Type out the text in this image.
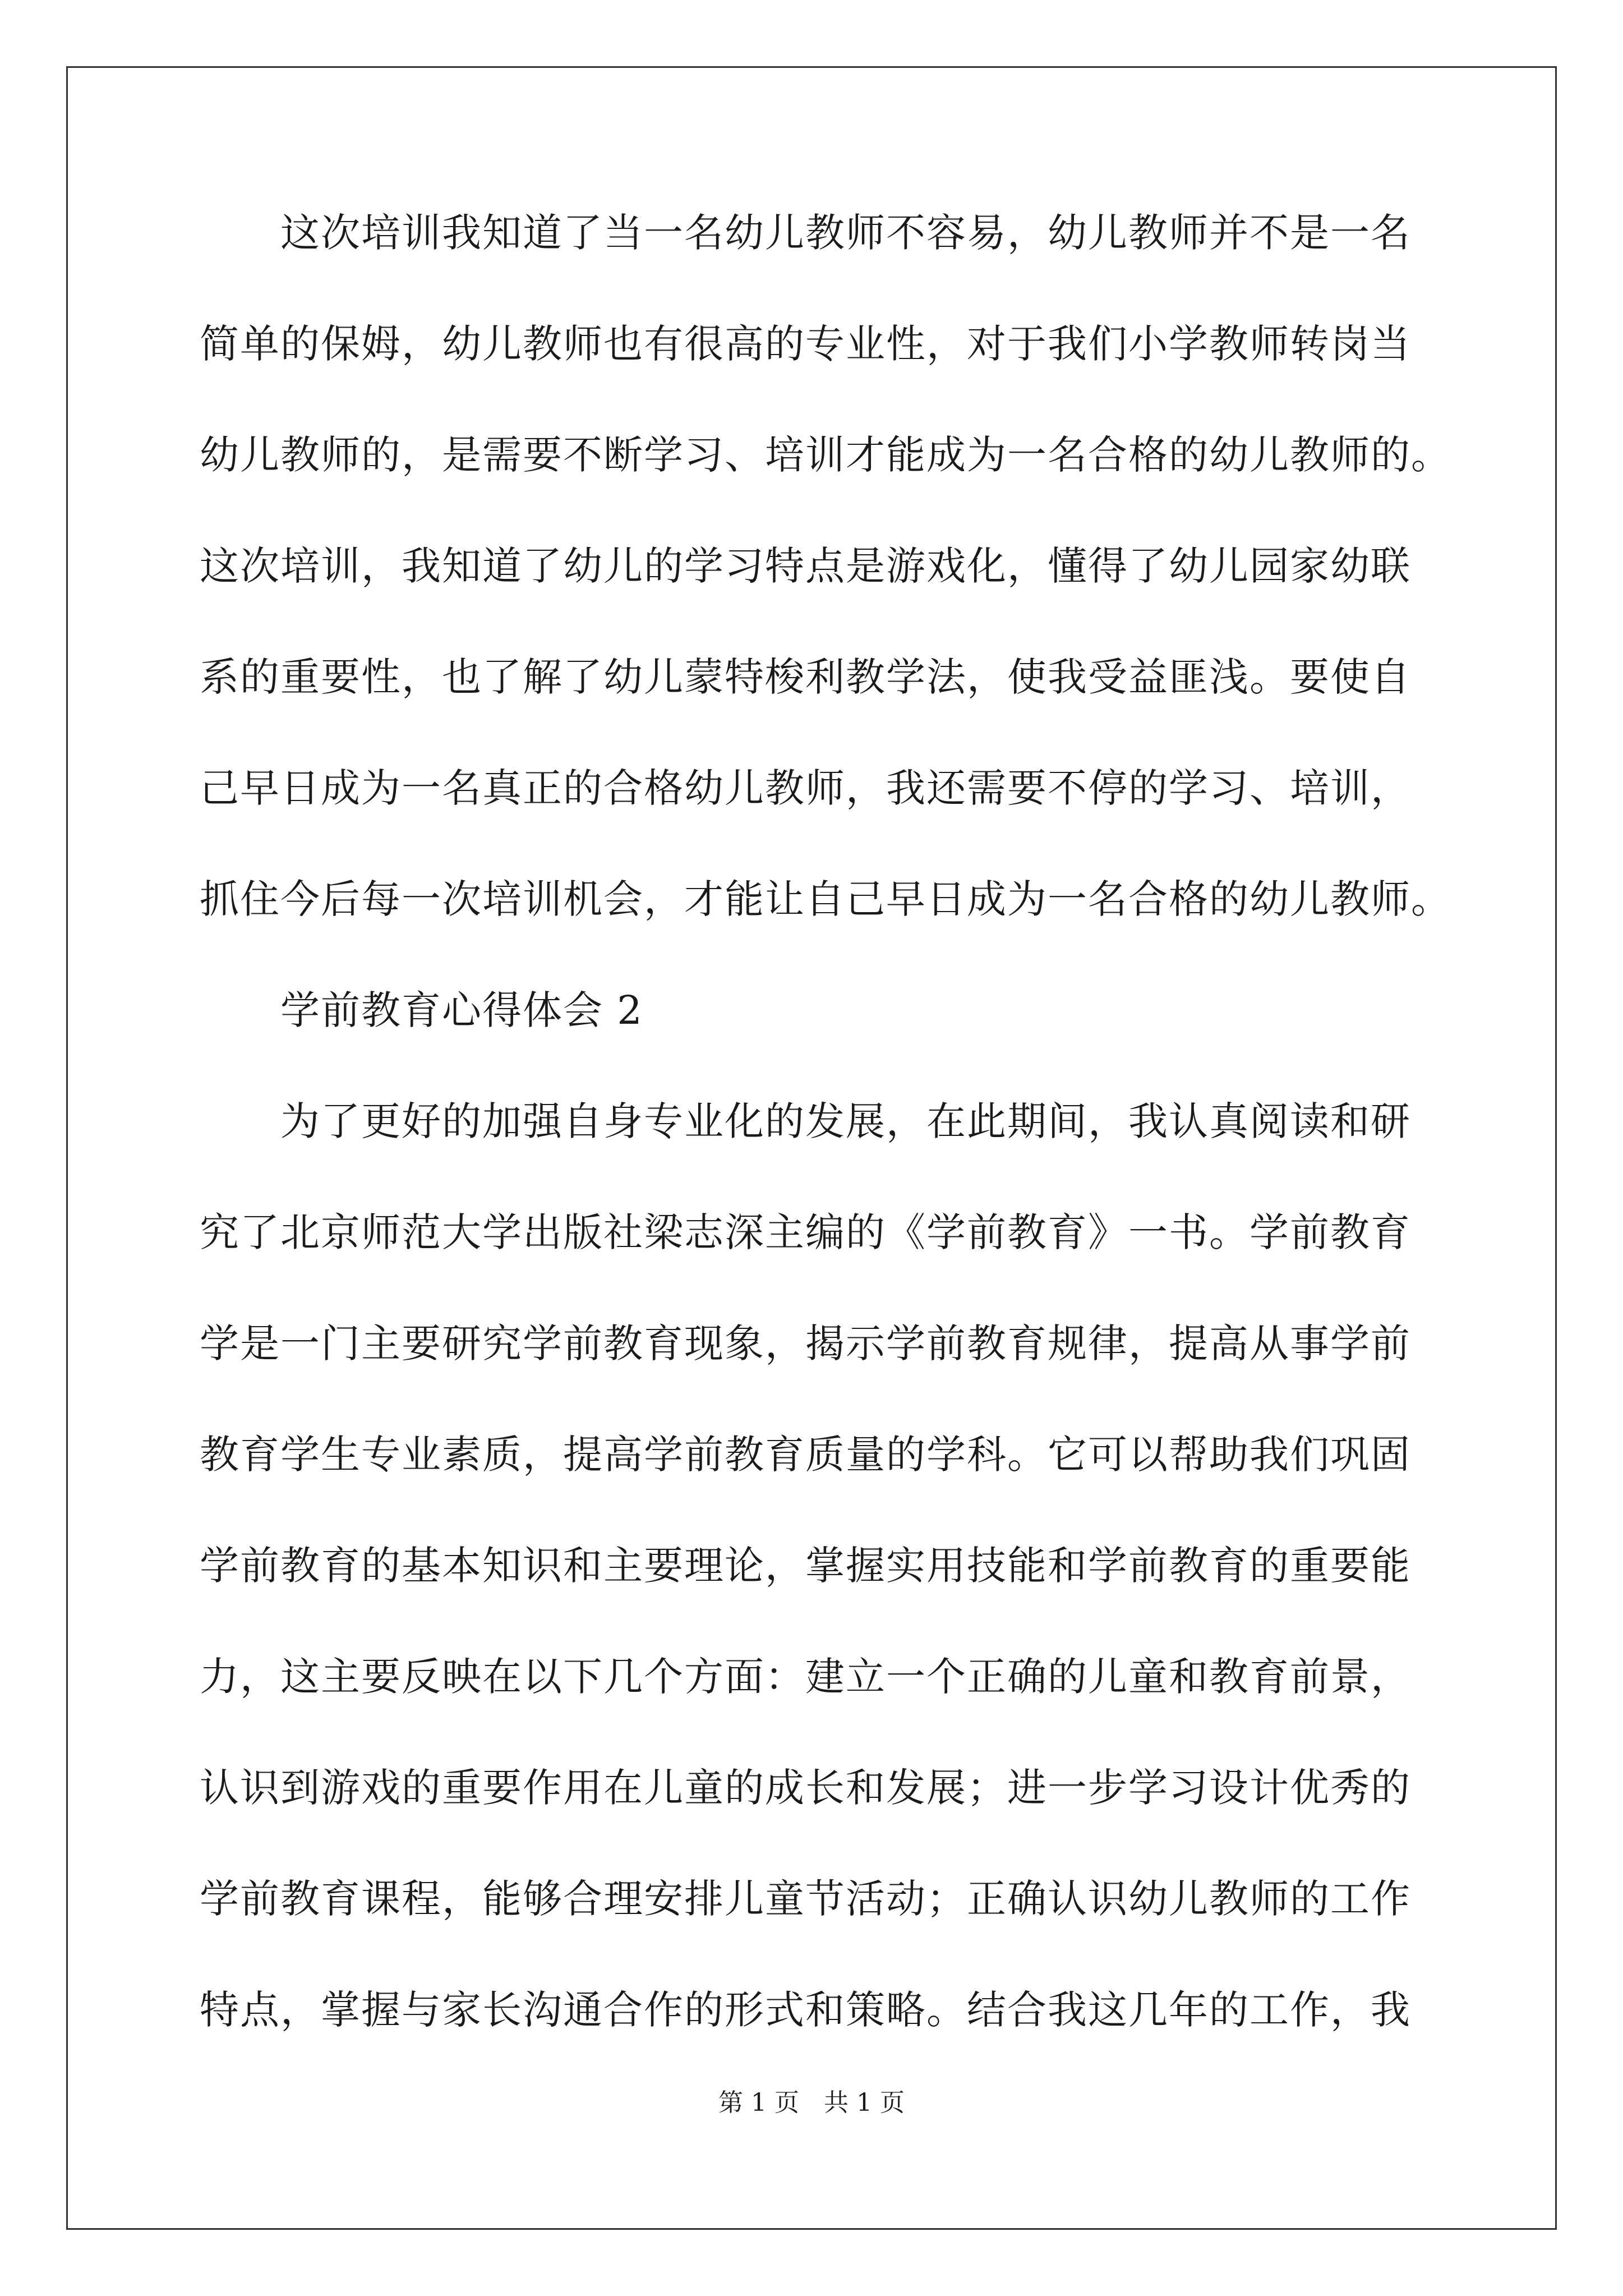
这次培训我知道了当一名幼儿教师不容易，幼儿教师并不是一名
简单的保姆，幼儿教师也有很高的专业性，对于我们小学教师转岗当
幼儿教师的，是需要不断学习、培训才能成为一名合格的幼儿教师的。
这次培训，我知道了幼儿的学习特点是游戏化，懂得了幼儿园家幼联
系的重要性，也了解了幼儿蒙特梭利教学法，使我受益匪浅。要使自
己早日成为一名真正的合格幼儿教师，我还需要不停的学习、培训，
抓住今后每一次培训机会，才能让自己早日成为一名合格的幼儿教师。
学前教育心得体会 2
为了更好的加强自身专业化的发展，在此期间，我认真阅读和研
究了北京师范大学出版社梁志深主编的《学前教育》一书。学前教育
学是一门主要研究学前教育现象，揭示学前教育规律，提高从事学前
教育学生专业素质，提高学前教育质量的学科。它可以帮助我们巩固
学前教育的基本知识和主要理论，掌握实用技能和学前教育的重要能
力，这主要反映在以下几个方面：建立一个正确的儿童和教育前景，
认识到游戏的重要作用在儿童的成长和发展；进一步学习设计优秀的
学前教育课程，能够合理安排儿童节活动；正确认识幼儿教师的工作
特点，掌握与家长沟通合作的形式和策略。结合我这几年的工作，我
第 1 页　共 1 页
